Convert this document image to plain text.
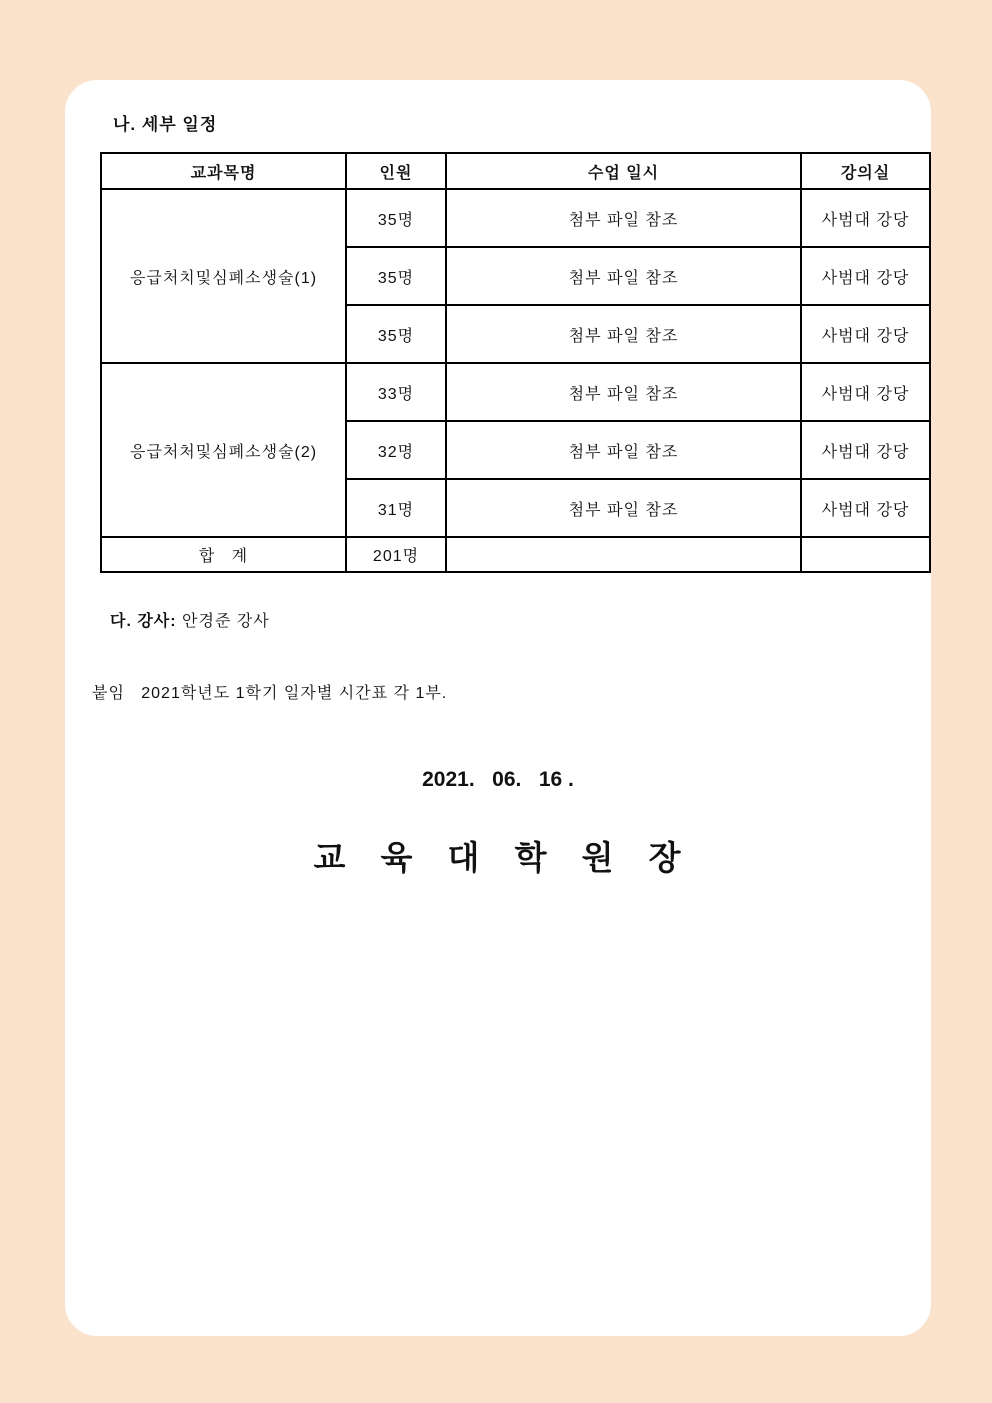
나. 세부 일정
교과목명	인원	수업 일시	강의실
응급처치및심폐소생술(1)	35명	첨부 파일 참조	사범대 강당
	35명	첨부 파일 참조	사범대 강당
	35명	첨부 파일 참조	사범대 강당
응급처처및심폐소생술(2)	33명	첨부 파일 참조	사범대 강당
	32명	첨부 파일 참조	사범대 강당
	31명	첨부 파일 참조	사범대 강당
합   계	201명		
다. 강사: 안경준 강사
붙임   2021학년도 1학기 일자별 시간표 각 1부.
2021.   06.   16 .
교 육 대 학 원 장
